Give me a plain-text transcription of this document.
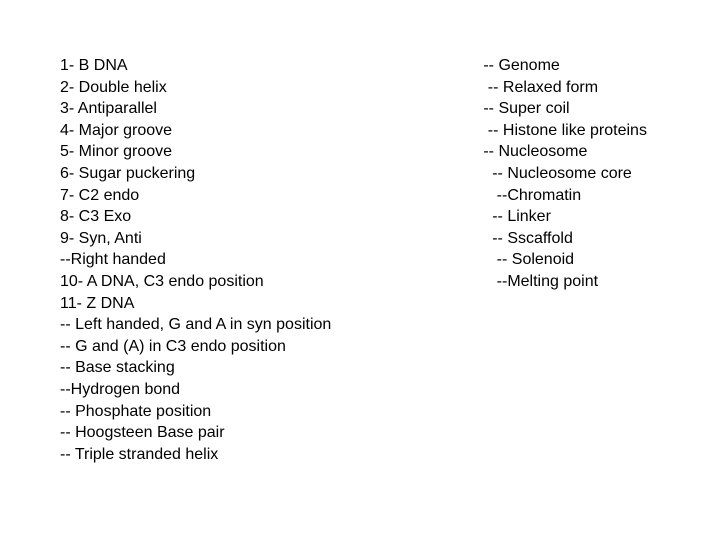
1- B DNA
2- Double helix
3- Antiparallel
4- Major groove
5- Minor groove
6- Sugar puckering
7- C2 endo
8- C3 Exo
9- Syn, Anti
--Right handed
10- A DNA, C3 endo position
11- Z DNA
-- Left handed, G and A in syn position
-- G and (A) in C3 endo position
-- Base stacking
--Hydrogen bond
-- Phosphate position
-- Hoogsteen Base pair
-- Triple stranded helix
-- Genome
-- Relaxed form
-- Super coil
-- Histone like proteins
-- Nucleosome
-- Nucleosome core
--Chromatin
-- Linker
-- Sscaffold
-- Solenoid
--Melting point
